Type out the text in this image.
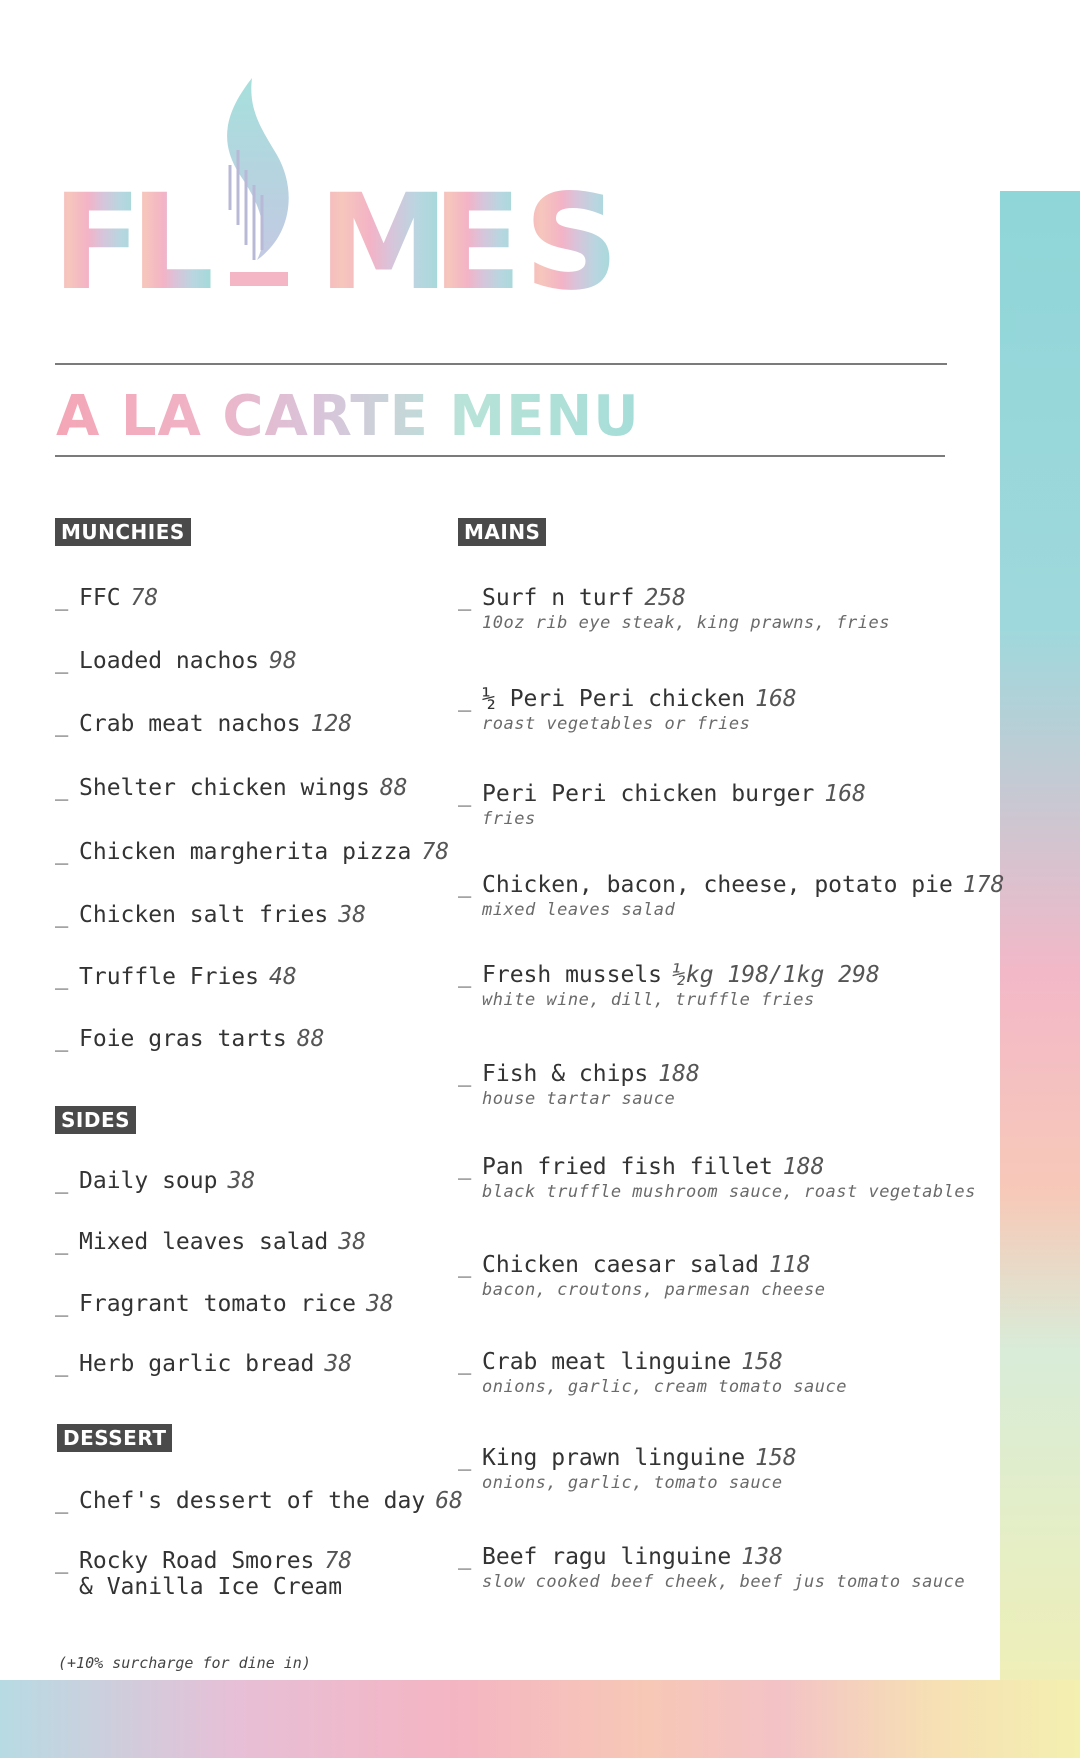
F
L M
E S
A LA CARTE MENU
MUNCHIES
_ FFC 78
_ Loaded nachos 98
_ Crab meat nachos 128
_ Shelter chicken wings 88
_ Chicken margherita pizza 78
_ Chicken salt fries 38
_ Truffle Fries 48
_ Foie gras tarts 88
SIDES
_ Daily soup 38
_ Mixed leaves salad 38
_ Fragrant tomato rice 38
_ Herb garlic bread 38
DESSERT
_ Chef's dessert of the day 68
_ Rocky Road Smores 78
& Vanilla Ice Cream
MAINS
_ Surf n turf 258
10oz rib eye steak, king prawns, fries
_ ½ Peri Peri chicken 168
roast vegetables or fries
_ Peri Peri chicken burger 168
fries
_ Chicken, bacon, cheese, potato pie 178
mixed leaves salad
_ Fresh mussels ½kg 198/1kg 298
white wine, dill, truffle fries
_ Fish & chips 188
house tartar sauce
_ Pan fried fish fillet 188
black truffle mushroom sauce, roast vegetables
_ Chicken caesar salad 118
bacon, croutons, parmesan cheese
_ Crab meat linguine 158
onions, garlic, cream tomato sauce
_ King prawn linguine 158
onions, garlic, tomato sauce
_ Beef ragu linguine 138
slow cooked beef cheek, beef jus tomato sauce
(+10% surcharge for dine in)
